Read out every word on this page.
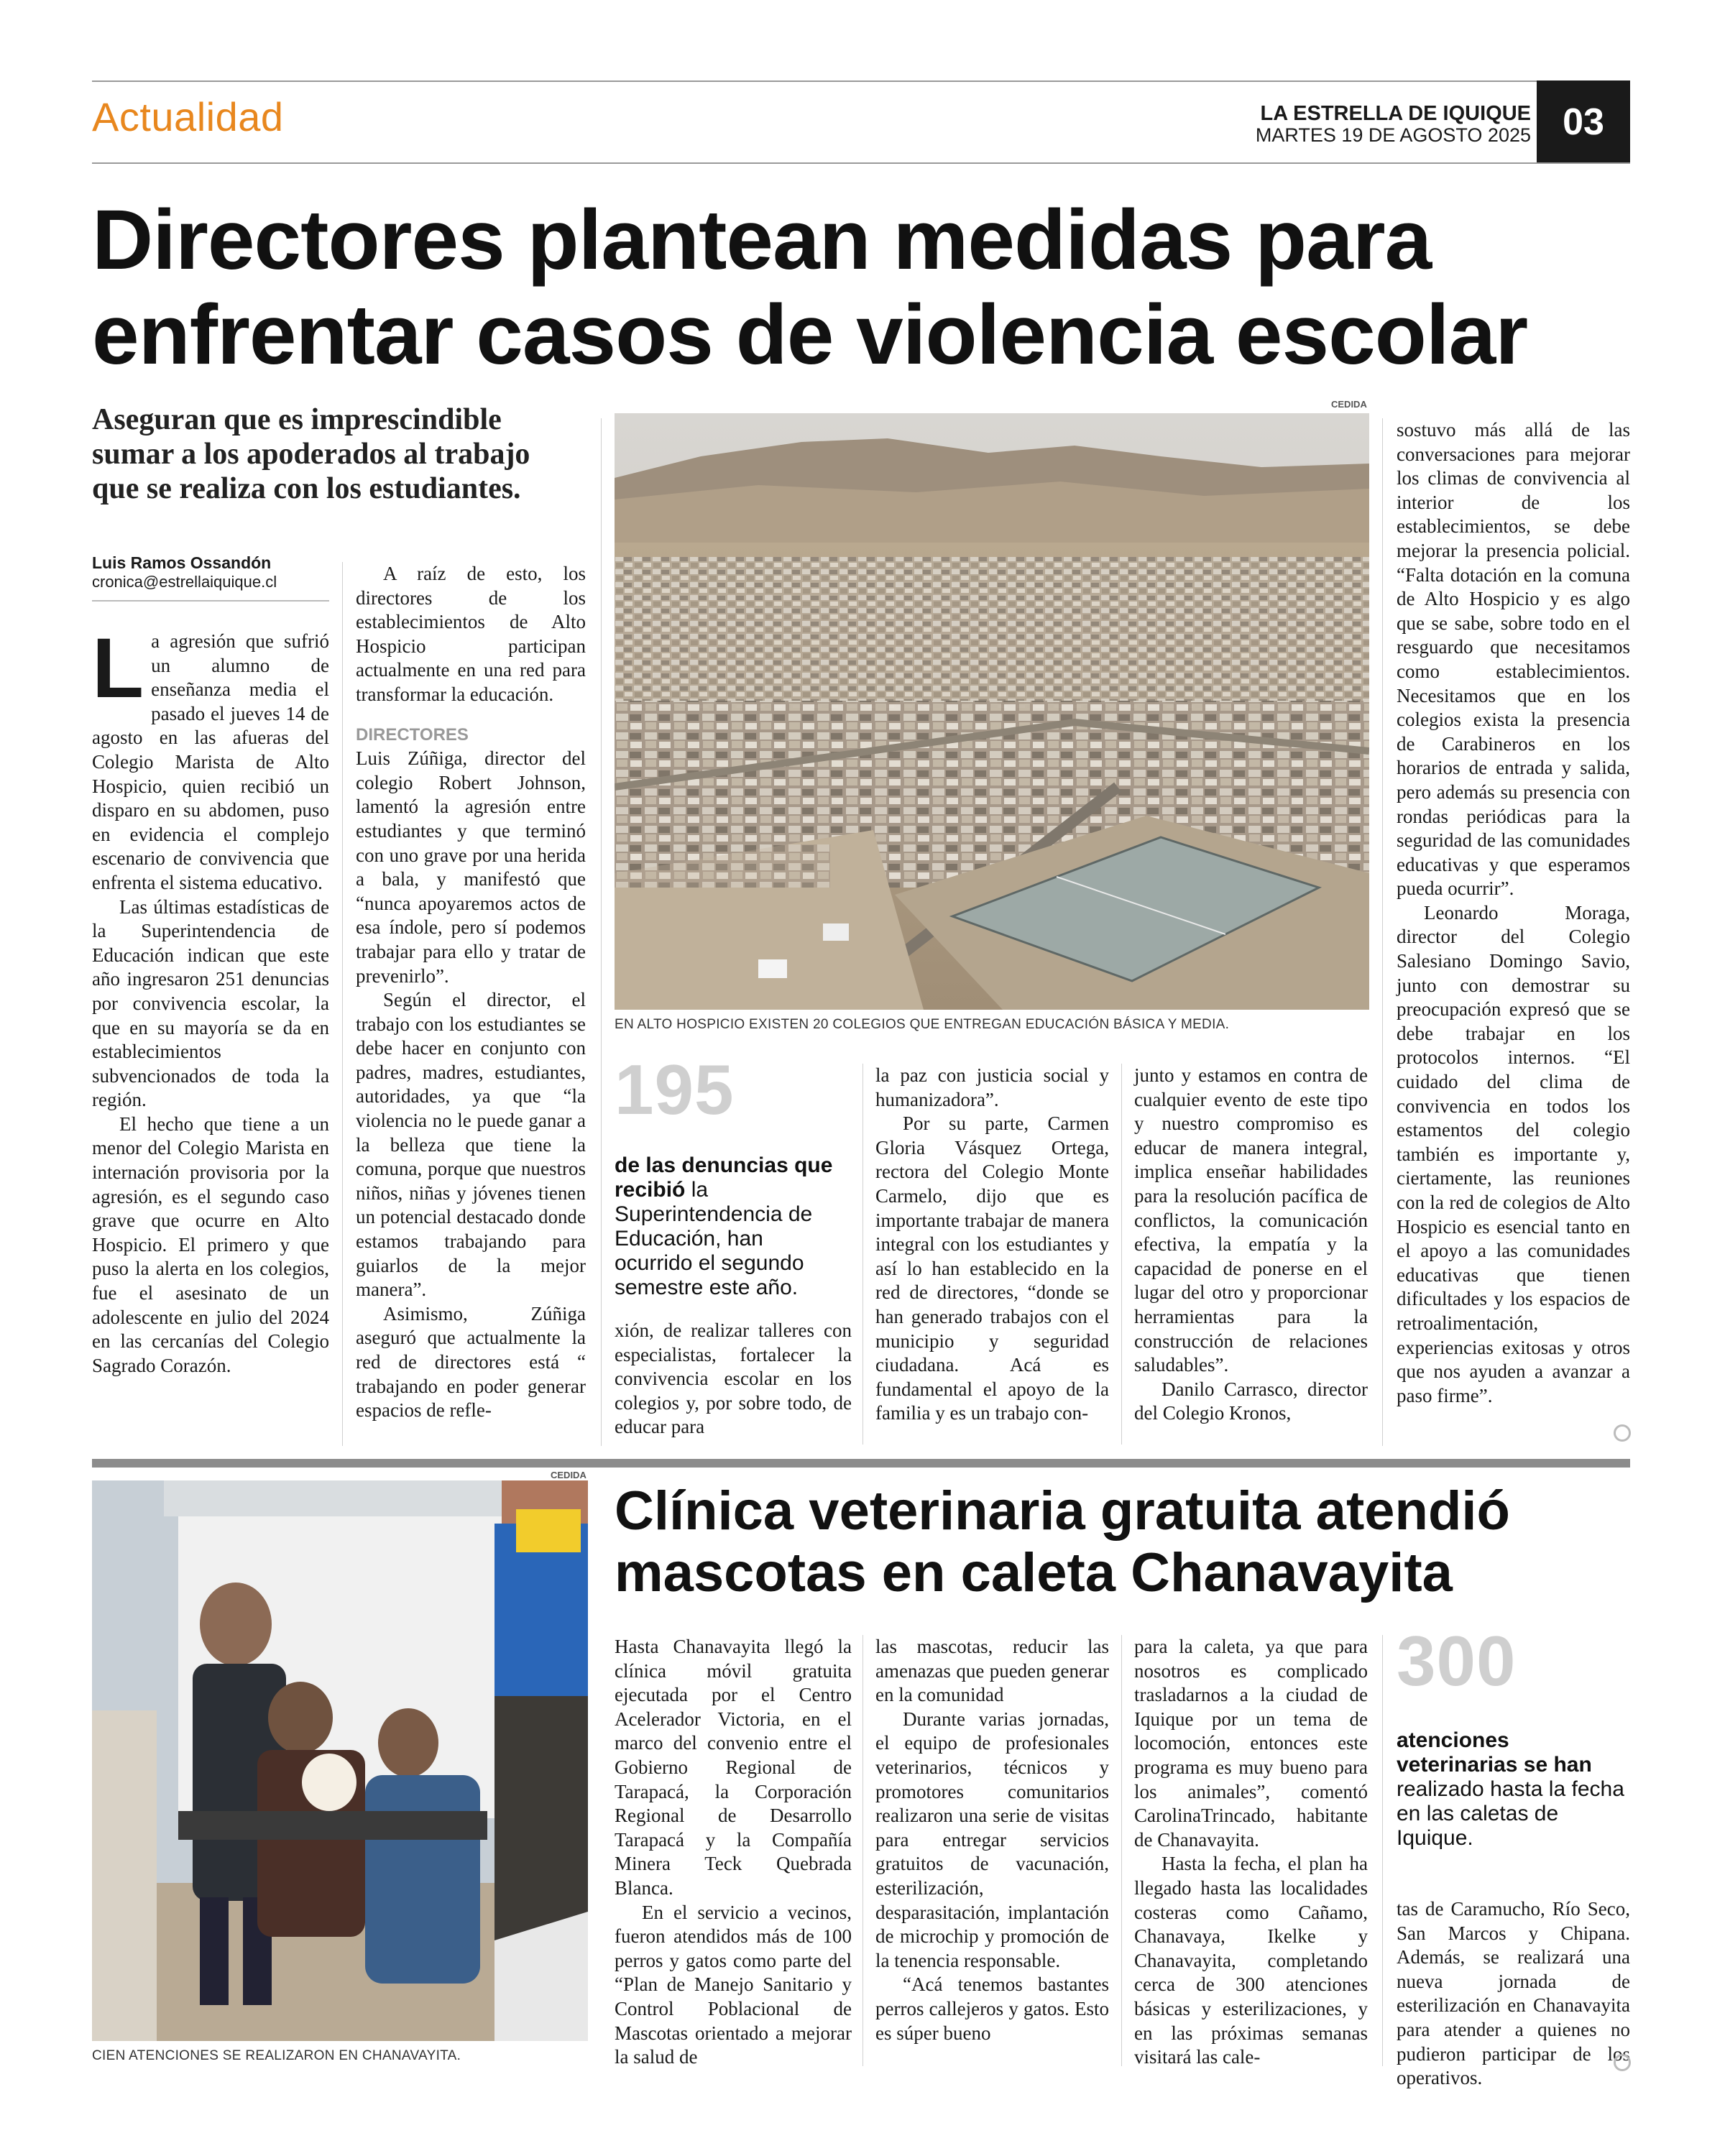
Actualidad	LA ESTRELLA DE IQUIQUE
MARTES 19 DE AGOSTO 2025 03
Directores plantean medidas para enfrentar casos de violencia escolar
Aseguran que es imprescindible sumar a los apoderados al trabajo que se realiza con los estudiantes.
Luis Ramos Ossandón
cronica@estrellaiquique.cl
L a agresión que sufrió un alumno de enseñanza media el pasado el jueves 14 de agosto en las afueras del Colegio Marista de Alto Hospicio, quien recibió un disparo en su abdomen, puso en evidencia el complejo escenario de convivencia que enfrenta el sistema educativo.

Las últimas estadísticas de la Superintendencia de Educación indican que este año ingresaron 251 denuncias por convivencia escolar, la que en su mayoría se da en establecimientos subvencionados de toda la región.

El hecho que tiene a un menor del Colegio Marista en internación provisoria por la agresión, es el segundo caso grave que ocurre en Alto Hospicio. El primero y que puso la alerta en los colegios, fue el asesinato de un adolescente en julio del 2024 en las cercanías del Colegio Sagrado Corazón.

A raíz de esto, los directores de los establecimientos de Alto Hospicio participan actualmente en una red para transformar la educación.

DIRECTORES

Luis Zúñiga, director del colegio Robert Johnson, lamentó la agresión entre estudiantes y que terminó con uno grave por una herida a bala, y manifestó que “nunca apoyaremos actos de esa índole, pero sí podemos trabajar para ello y tratar de prevenirlo”.

Según el director, el trabajo con los estudiantes se debe hacer en conjunto con padres, madres, estudiantes, autoridades, ya que “la violencia no le puede ganar a la belleza que tiene la comuna, porque que nuestros niños, niñas y jóvenes tienen un potencial destacado donde estamos trabajando para guiarlos de la mejor manera”.

Asimismo, Zúñiga aseguró que actualmente la red de directores está “ trabajando en poder generar espacios de refle-

CEDIDA
EN ALTO HOSPICIO EXISTEN 20 COLEGIOS QUE ENTREGAN EDUCACIÓN BÁSICA Y MEDIA.
195
de las denuncias que recibió la Superintendencia de Educación, han ocurrido el segundo semestre este año.

xión, de realizar talleres con especialistas, fortalecer la convivencia escolar en los colegios y, por sobre todo, de educar para

la paz con justicia social y humanizadora”.

Por su parte, Carmen Gloria Vásquez Ortega, rectora del Colegio Monte Carmelo, dijo que es importante trabajar de manera integral con los estudiantes y así lo han establecido en la red de directores, “donde se han generado trabajos con el municipio y seguridad ciudadana. Acá es fundamental el apoyo de la familia y es un trabajo con-

junto y estamos en contra de cualquier evento de este tipo y nuestro compromiso es educar de manera integral, implica enseñar habilidades para la resolución pacífica de conflictos, la comunicación efectiva, la empatía y la capacidad de ponerse en el lugar del otro y proporcionar herramientas para la construcción de relaciones saludables”.

Danilo Carrasco, director del Colegio Kronos,

sostuvo más allá de las conversaciones para mejorar los climas de convivencia al interior de los establecimientos, se debe mejorar la presencia policial. “Falta dotación en la comuna de Alto Hospicio y es algo que se sabe, sobre todo en el resguardo que necesitamos como establecimientos. Necesitamos que en los colegios exista la presencia de Carabineros en los horarios de entrada y salida, pero además su presencia con rondas periódicas para la seguridad de las comunidades educativas y que esperamos pueda ocurrir”.

Leonardo Moraga, director del Colegio Salesiano Domingo Savio, junto con demostrar su preocupación expresó que se debe trabajar en los protocolos internos. “El cuidado del clima de convivencia en todos los estamentos del colegio también es importante y, ciertamente, las reuniones con la red de colegios de Alto Hospicio es esencial tanto en el apoyo a las comunidades educativas que tienen dificultades y los espacios de retroalimentación, experiencias exitosas y otros que nos ayuden a avanzar a paso firme”.

CEDIDA
CIEN ATENCIONES SE REALIZARON EN CHANAVAYITA.
Clínica veterinaria gratuita atendió mascotas en caleta Chanavayita

Hasta Chanavayita llegó la clínica móvil gratuita ejecutada por el Centro Acelerador Victoria, en el marco del convenio entre el Gobierno Regional de Tarapacá, la Corporación Regional de Desarrollo Tarapacá y la Compañía Minera Teck Quebrada Blanca.

En el servicio a vecinos, fueron atendidos más de 100 perros y gatos como parte del “Plan de Manejo Sanitario y Control Poblacional de Mascotas orientado a mejorar la salud de

las mascotas, reducir las amenazas que pueden generar en la comunidad

Durante varias jornadas, el equipo de profesionales veterinarios, técnicos y promotores comunitarios realizaron una serie de visitas para entregar servicios gratuitos de vacunación, esterilización, desparasitación, implantación de microchip y promoción de la tenencia responsable.

“Acá tenemos bastantes perros callejeros y gatos. Esto es súper bueno

para la caleta, ya que para nosotros es complicado trasladarnos a la ciudad de Iquique por un tema de locomoción, entonces este programa es muy bueno para los animales”, comentó CarolinaTrincado, habitante de Chanavayita.

Hasta la fecha, el plan ha llegado hasta las localidades costeras como Cañamo, Chanavaya, Ikelke y Chanavayita, completando cerca de 300 atenciones básicas y esterilizaciones, y en las próximas semanas visitará las cale-

300
atenciones veterinarias se han realizado hasta la fecha en las caletas de Iquique.

tas de Caramucho, Río Seco, San Marcos y Chipana. Además, se realizará una nueva jornada de esterilización en Chanavayita para atender a quienes no pudieron participar de los operativos.
